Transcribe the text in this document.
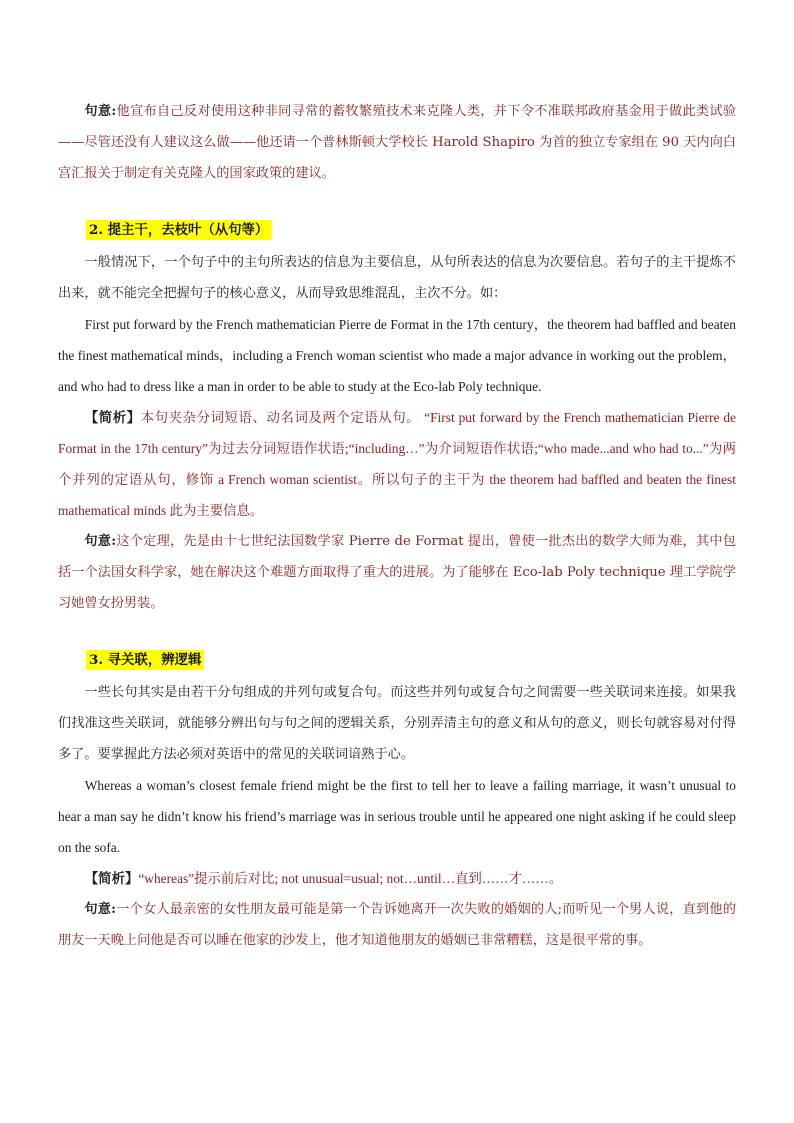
句意:他宣布自己反对使用这种非同寻常的蓄牧繁殖技术来克隆人类，并下令不准联邦政府基金用于做此类试验——尽管还没有人建议这么做——他还请一个普林斯顿大学校长 Harold Shapiro 为首的独立专家组在 90 天内向白宫汇报关于制定有关克隆人的国家政策的建议。

2. 提主干，去枝叶（从句等）

一般情况下，一个句子中的主句所表达的信息为主要信息，从句所表达的信息为次要信息。若句子的主干提炼不出来，就不能完全把握句子的核心意义，从而导致思维混乱，主次不分。如：

First put forward by the French mathematician Pierre de Format in the 17th century，the theorem had baffled and beaten the finest mathematical minds，including a French woman scientist who made a major advance in working out the problem，and who had to dress like a man in order to be able to study at the Eco-lab Poly technique.

【简析】本句夹杂分词短语、动名词及两个定语从句。 “First put forward by the French mathematician Pierre de Format in the 17th century”为过去分词短语作状语;“including…”为介词短语作状语;“who made...and who had to...”为两个并列的定语从句，修饰 a French woman scientist。所以句子的主干为 the theorem had baffled and beaten the finest mathematical minds 此为主要信息。

句意:这个定理，先是由十七世纪法国数学家 Pierre de Format 提出，曾使一批杰出的数学大师为难，其中包括一个法国女科学家，她在解决这个难题方面取得了重大的进展。为了能够在 Eco-lab Poly technique 理工学院学习她曾女扮男装。

3. 寻关联，辨逻辑

一些长句其实是由若干分句组成的并列句或复合句。而这些并列句或复合句之间需要一些关联词来连接。如果我们找准这些关联词，就能够分辨出句与句之间的逻辑关系，分别弄清主句的意义和从句的意义，则长句就容易对付得多了。要掌握此方法必须对英语中的常见的关联词谙熟于心。

Whereas a woman’s closest female friend might be the first to tell her to leave a failing marriage, it wasn’t unusual to hear a man say he didn’t know his friend’s marriage was in serious trouble until he appeared one night asking if he could sleep on the sofa.

【简析】“whereas”提示前后对比; not unusual=usual; not…until…直到……才……。

句意:一个女人最亲密的女性朋友最可能是第一个告诉她离开一次失败的婚姻的人;而听见一个男人说，直到他的朋友一天晚上问他是否可以睡在他家的沙发上，他才知道他朋友的婚姻已非常糟糕，这是很平常的事。
